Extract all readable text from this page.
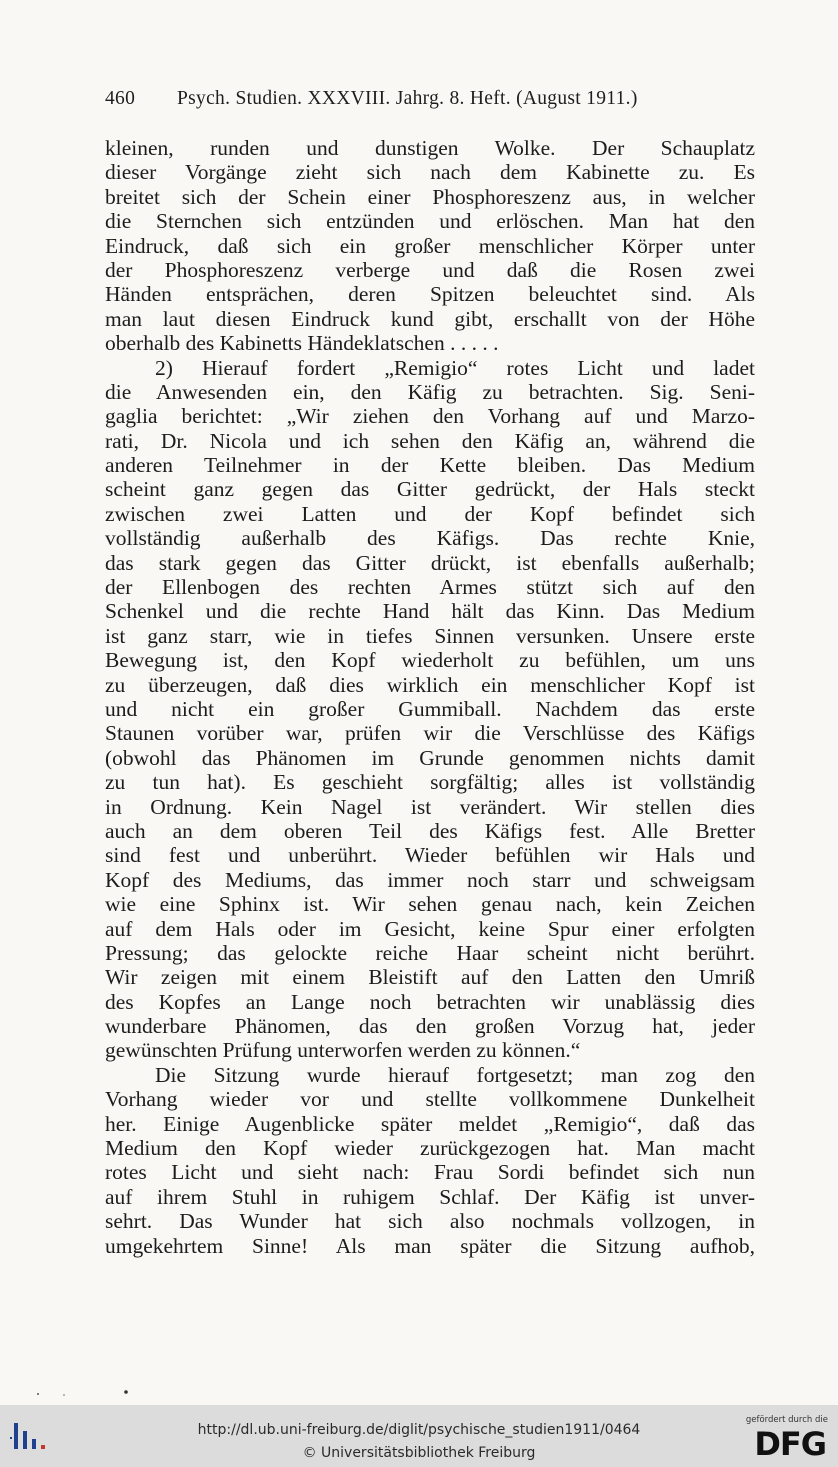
460	Psych. Studien. XXXVIII. Jahrg. 8. Heft. (August 1911.)
kleinen, runden und dunstigen Wolke. Der Schauplatz
dieser Vorgänge zieht sich nach dem Kabinette zu. Es
breitet sich der Schein einer Phosphoreszenz aus, in welcher
die Sternchen sich entzünden und erlöschen. Man hat den
Eindruck, daß sich ein großer menschlicher Körper unter
der Phosphoreszenz verberge und daß die Rosen zwei
Händen entsprächen, deren Spitzen beleuchtet sind. Als
man laut diesen Eindruck kund gibt, erschallt von der Höhe
oberhalb des Kabinetts Händeklatschen . . . . .
2) Hierauf fordert „Remigio“ rotes Licht und ladet
die Anwesenden ein, den Käfig zu betrachten. Sig. Seni-
gaglia berichtet: „Wir ziehen den Vorhang auf und Marzo-
rati, Dr. Nicola und ich sehen den Käfig an, während die
anderen Teilnehmer in der Kette bleiben. Das Medium
scheint ganz gegen das Gitter gedrückt, der Hals steckt
zwischen zwei Latten und der Kopf befindet sich
vollständig außerhalb des Käfigs. Das rechte Knie,
das stark gegen das Gitter drückt, ist ebenfalls außerhalb;
der Ellenbogen des rechten Armes stützt sich auf den
Schenkel und die rechte Hand hält das Kinn. Das Medium
ist ganz starr, wie in tiefes Sinnen versunken. Unsere erste
Bewegung ist, den Kopf wiederholt zu befühlen, um uns
zu überzeugen, daß dies wirklich ein menschlicher Kopf ist
und nicht ein großer Gummiball. Nachdem das erste
Staunen vorüber war, prüfen wir die Verschlüsse des Käfigs
(obwohl das Phänomen im Grunde genommen nichts damit
zu tun hat). Es geschieht sorgfältig; alles ist vollständig
in Ordnung. Kein Nagel ist verändert. Wir stellen dies
auch an dem oberen Teil des Käfigs fest. Alle Bretter
sind fest und unberührt. Wieder befühlen wir Hals und
Kopf des Mediums, das immer noch starr und schweigsam
wie eine Sphinx ist. Wir sehen genau nach, kein Zeichen
auf dem Hals oder im Gesicht, keine Spur einer erfolgten
Pressung; das gelockte reiche Haar scheint nicht berührt.
Wir zeigen mit einem Bleistift auf den Latten den Umriß
des Kopfes an Lange noch betrachten wir unablässig dies
wunderbare Phänomen, das den großen Vorzug hat, jeder
gewünschten Prüfung unterworfen werden zu können.“
Die Sitzung wurde hierauf fortgesetzt; man zog den
Vorhang wieder vor und stellte vollkommene Dunkelheit
her. Einige Augenblicke später meldet „Remigio“, daß das
Medium den Kopf wieder zurückgezogen hat. Man macht
rotes Licht und sieht nach: Frau Sordi befindet sich nun
auf ihrem Stuhl in ruhigem Schlaf. Der Käfig ist unver-
sehrt. Das Wunder hat sich also nochmals vollzogen, in
umgekehrtem Sinne! Als man später die Sitzung aufhob,
http://dl.ub.uni-freiburg.de/diglit/psychische_studien1911/0464
© Universitätsbibliothek Freiburg
gefördert durch die
DFG
